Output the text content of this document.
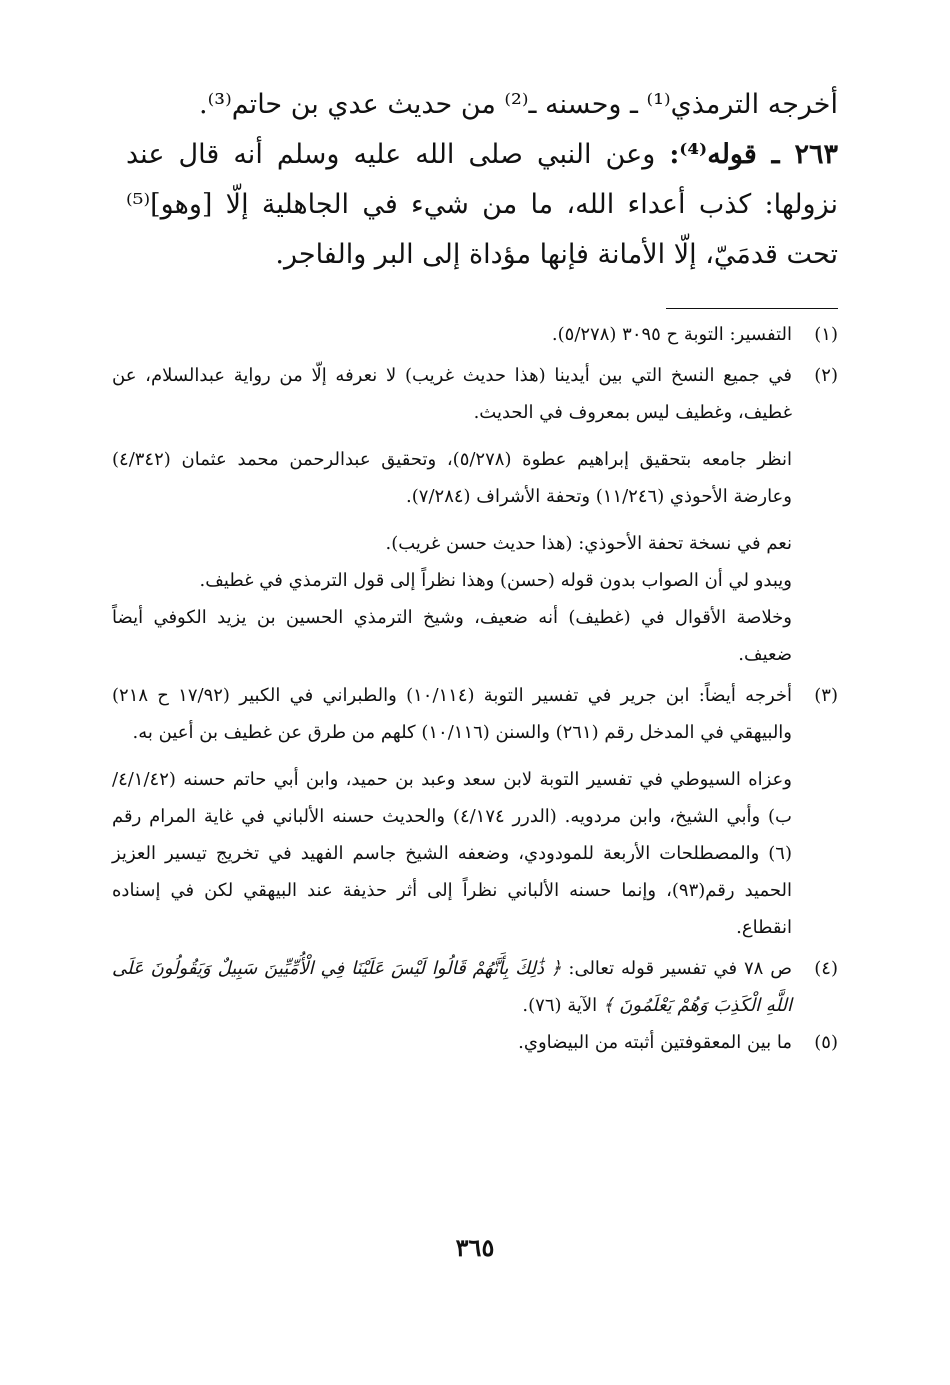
أخرجه الترمذي⁽¹⁾ ـ وحسنه ـ⁽²⁾ من حديث عدي بن حاتم⁽³⁾.

٢٦٣ ـ قوله⁽⁴⁾: وعن النبي صلى الله عليه وسلم أنه قال عند نزولها: كذب أعداء الله، ما من شيء في الجاهلية إلّا [وهو]⁽⁵⁾ تحت قدمَيّ، إلّا الأمانة فإنها مؤداة إلى البر والفاجر.

(١)

التفسير: التوبة ح ٣٠٩٥ (٥/٢٧٨).

(٢)

في جميع النسخ التي بين أيدينا (هذا حديث غريب) لا نعرفه إلّا من رواية عبدالسلام، عن غطيف، وغطيف ليس بمعروف في الحديث.

انظر جامعه بتحقيق إبراهيم عطوة (٥/٢٧٨)، وتحقيق عبدالرحمن محمد عثمان (٤/٣٤٢) وعارضة الأحوذي (١١/٢٤٦) وتحفة الأشراف (٧/٢٨٤).

نعم في نسخة تحفة الأحوذي: (هذا حديث حسن غريب).

ويبدو لي أن الصواب بدون قوله (حسن) وهذا نظراً إلى قول الترمذي في غطيف.

وخلاصة الأقوال في (غطيف) أنه ضعيف، وشيخ الترمذي الحسين بن يزيد الكوفي أيضاً ضعيف.

(٣)

أخرجه أيضاً: ابن جرير في تفسير التوبة (١٠/١١٤) والطبراني في الكبير (١٧/٩٢ ح ٢١٨) والبيهقي في المدخل رقم (٢٦١) والسنن (١٠/١١٦) كلهم من طرق عن غطيف بن أعين به.

وعزاه السيوطي في تفسير التوبة لابن سعد وعبد بن حميد، وابن أبي حاتم حسنه (٤/١/٤٢/ب) وأبي الشيخ، وابن مردويه. (الدرر ٤/١٧٤) والحديث حسنه الألباني في غاية المرام رقم (٦) والمصطلحات الأربعة للمودودي، وضعفه الشيخ جاسم الفهيد في تخريج تيسير العزيز الحميد رقم(٩٣)، وإنما حسنه الألباني نظراً إلى أثر حذيفة عند البيهقي لكن في إسناده انقطاع.

(٤)

ص ٧٨ في تفسير قوله تعالى: ﴿ ذَٰلِكَ بِأَنَّهُمْ قَالُوا لَيْسَ عَلَيْنَا فِي الْأُمِّيِّينَ سَبِيلٌ وَيَقُولُونَ عَلَى اللَّهِ الْكَذِبَ وَهُمْ يَعْلَمُونَ ﴾ الآية (٧٦).

(٥)

ما بين المعقوفتين أثبته من البيضاوي.

٣٦٥
